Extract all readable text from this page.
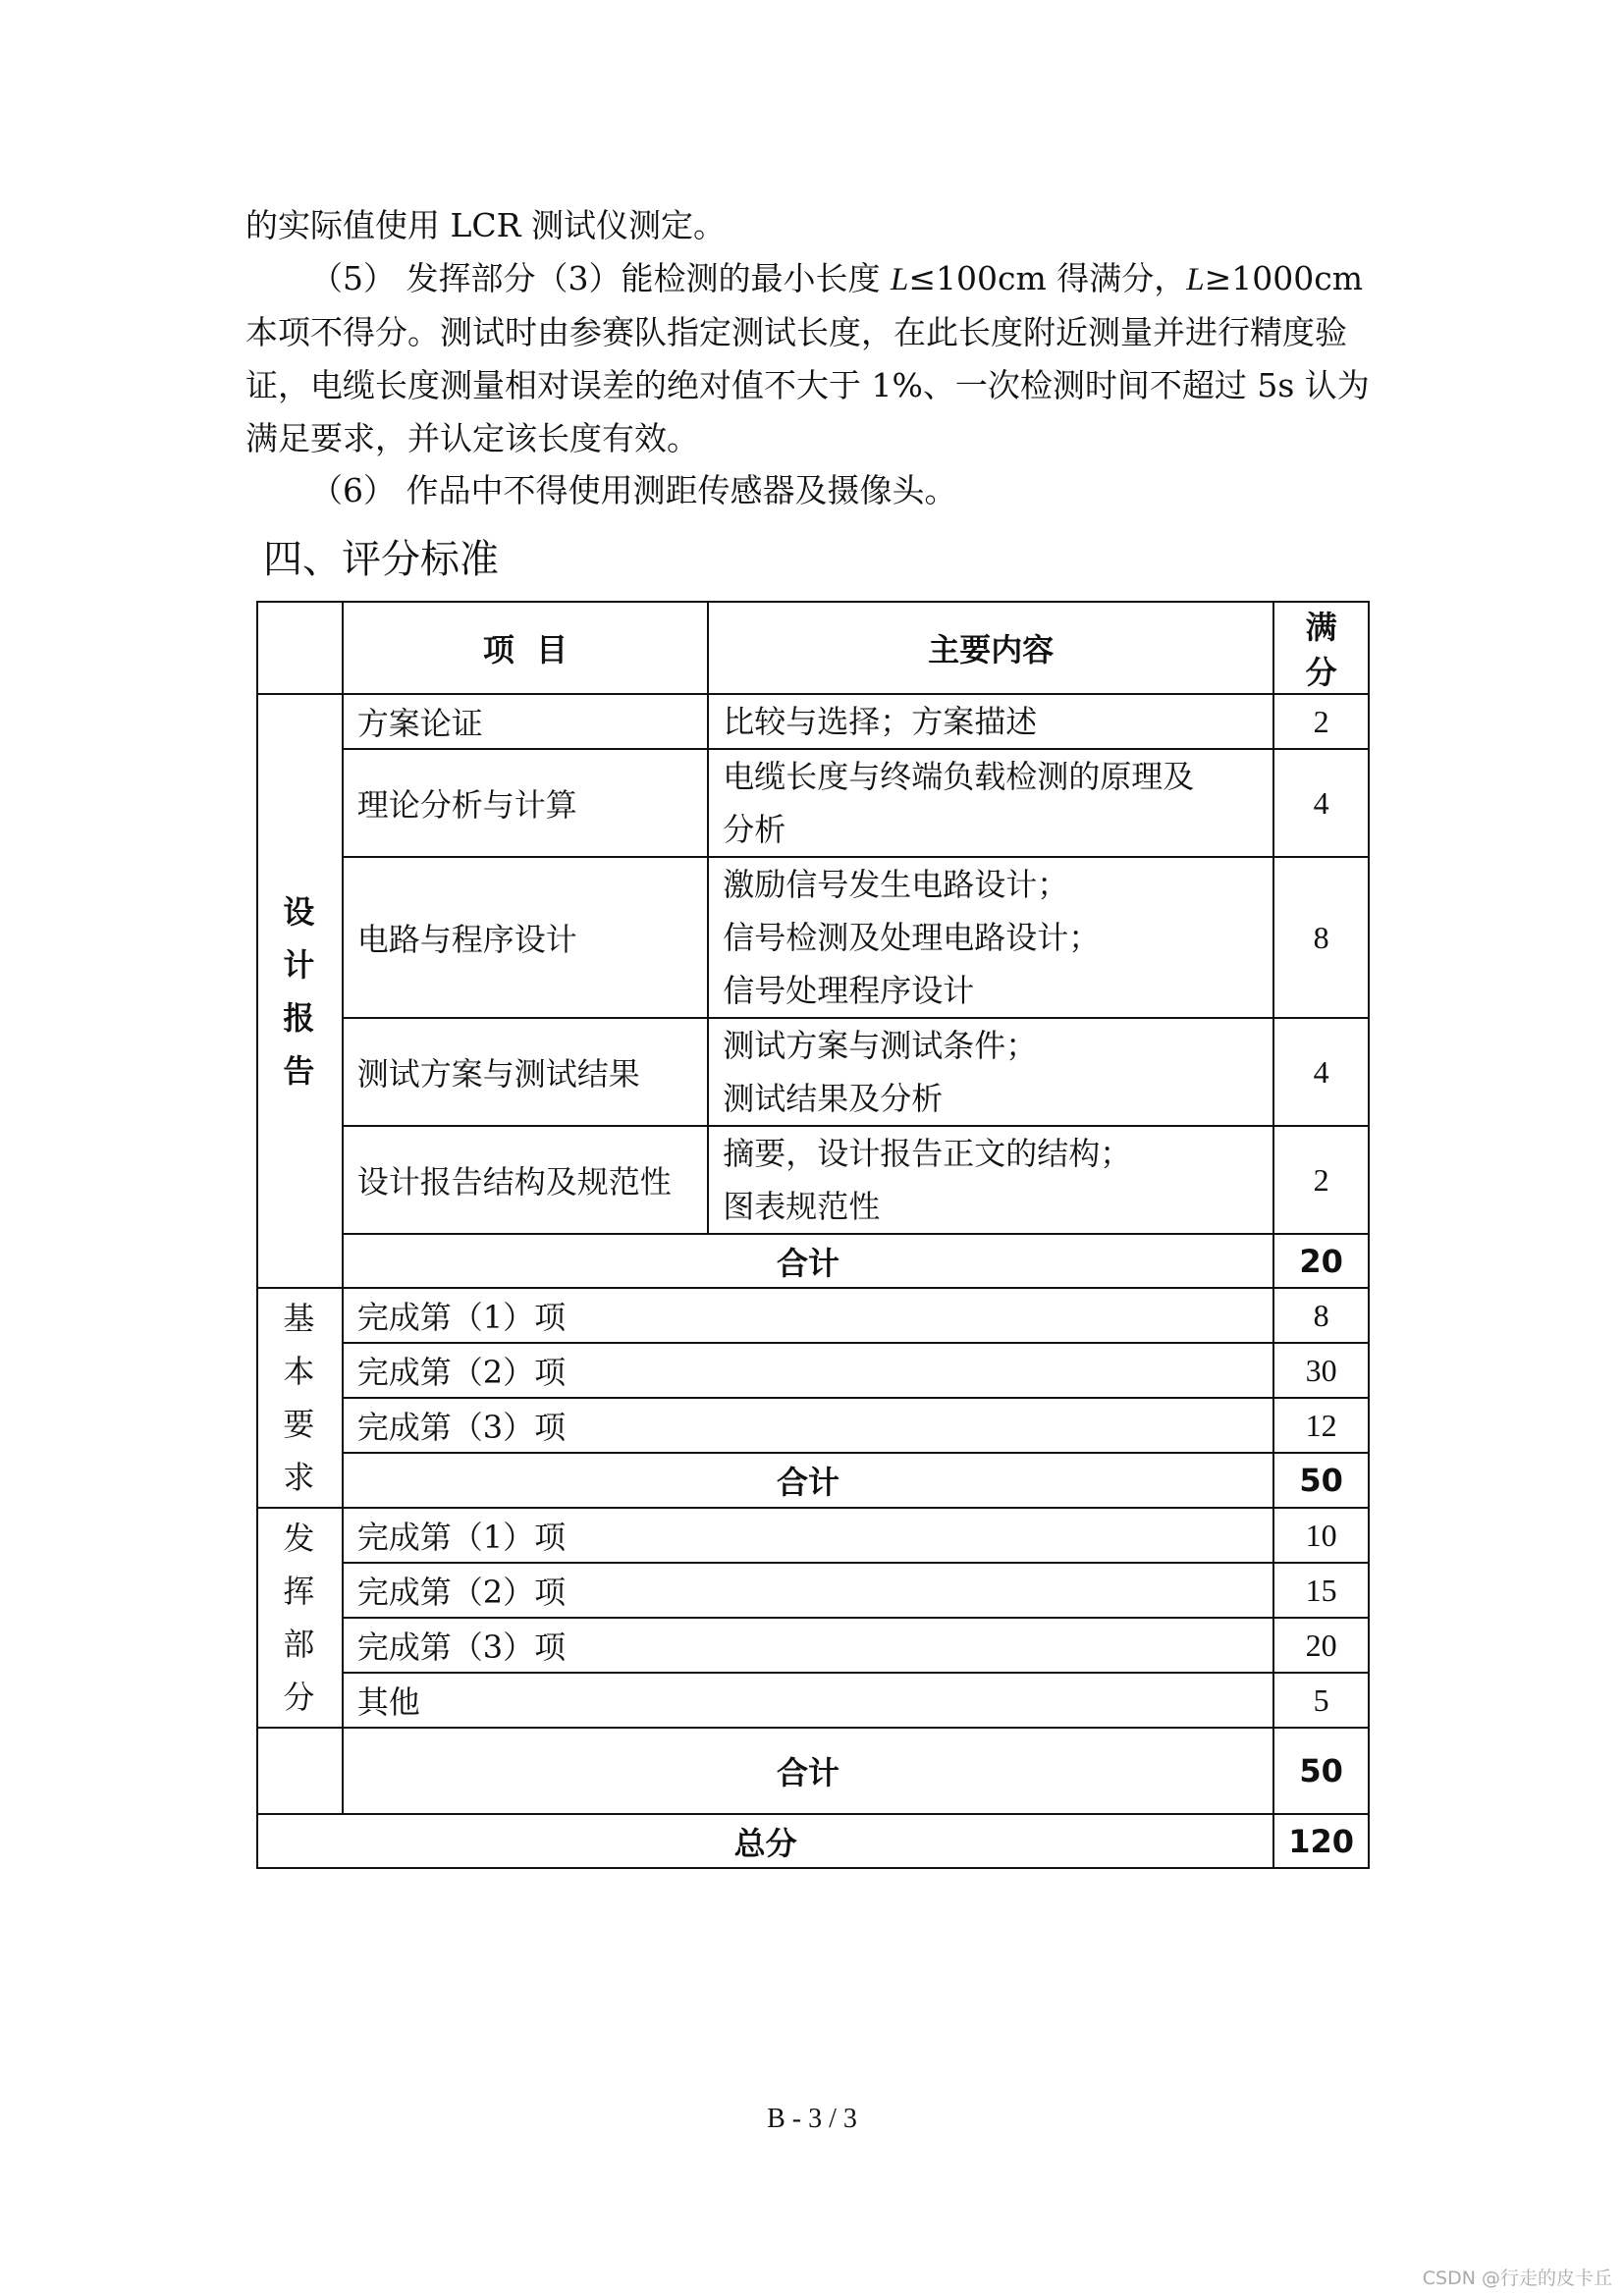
的实际值使用 LCR 测试仪测定。

（5） 发挥部分（3）能检测的最小长度 L≤100cm 得满分，L≥1000cm 本项不得分。测试时由参赛队指定测试长度，在此长度附近测量并进行精度验证，电缆长度测量相对误差的绝对值不大于 1%、一次检测时间不超过 5s 认为满足要求，并认定该长度有效。

（6） 作品中不得使用测距传感器及摄像头。

四、评分标准
	项  目	主要内容	满 分

设计
报告	方案论证	比较与选择；方案描述	2
	理论分析与计算	电缆长度与终端负载检测的原理及
分析	4
	电路与程序设计	激励信号发生电路设计；
信号检测及处理电路设计；
信号处理程序设计	8
	测试方案与测试结果	测试方案与测试条件；
测试结果及分析	4
	设计报告结构及规范性	摘要，设计报告正文的结构；
图表规范性	2
	合计		20

基本
要求	完成第（1）项		8
	完成第（2）项		30
	完成第（3）项		12
	合计		50

发挥
部分	完成第（1）项		10
	完成第（2）项		15
	完成第（3）项		20
	其他		5
	合计		50
总分			120
B - 3 / 3
CSDN @行走的皮卡丘
